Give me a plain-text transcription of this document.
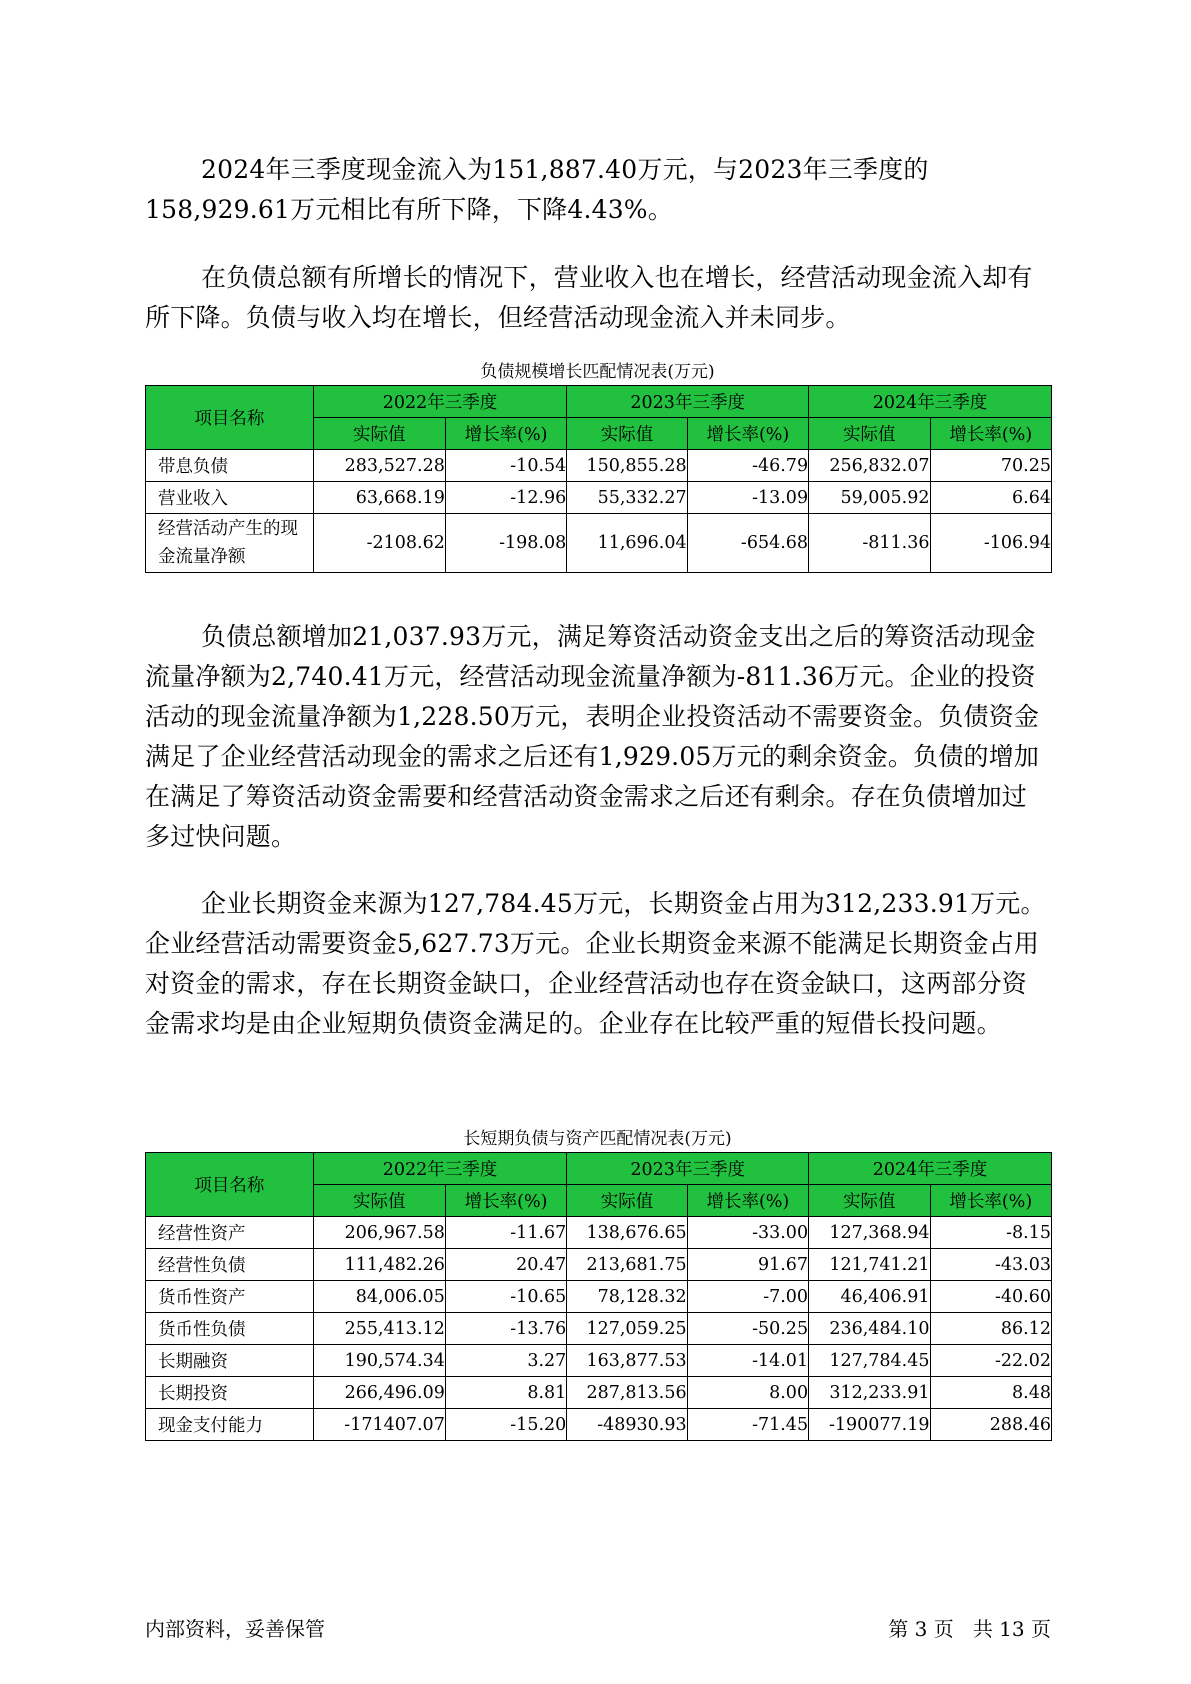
2024年三季度现金流入为151,887.40万元，与2023年三季度的158,929.61万元相比有所下降，下降4.43%。

在负债总额有所增长的情况下，营业收入也在增长，经营活动现金流入却有所下降。负债与收入均在增长，但经营活动现金流入并未同步。

负债规模增长匹配情况表(万元)
项目名称	2022年三季度		2023年三季度		2024年三季度	
	实际值	增长率(%)	实际值	增长率(%)	实际值	增长率(%)
带息负债	283,527.28	-10.54	150,855.28	-46.79	256,832.07	70.25
营业收入	63,668.19	-12.96	55,332.27	-13.09	59,005.92	6.64
经营活动产生的现金流量净额	-2108.62	-198.08	11,696.04	-654.68	-811.36	-106.94

负债总额增加21,037.93万元，满足筹资活动资金支出之后的筹资活动现金流量净额为2,740.41万元，经营活动现金流量净额为-811.36万元。企业的投资活动的现金流量净额为1,228.50万元，表明企业投资活动不需要资金。负债资金满足了企业经营活动现金的需求之后还有1,929.05万元的剩余资金。负债的增加在满足了筹资活动资金需要和经营活动资金需求之后还有剩余。存在负债增加过多过快问题。

企业长期资金来源为127,784.45万元，长期资金占用为312,233.91万元。企业经营活动需要资金5,627.73万元。企业长期资金来源不能满足长期资金占用对资金的需求，存在长期资金缺口，企业经营活动也存在资金缺口，这两部分资金需求均是由企业短期负债资金满足的。企业存在比较严重的短借长投问题。

长短期负债与资产匹配情况表(万元)
项目名称	2022年三季度		2023年三季度		2024年三季度	
	实际值	增长率(%)	实际值	增长率(%)	实际值	增长率(%)
经营性资产	206,967.58	-11.67	138,676.65	-33.00	127,368.94	-8.15
经营性负债	111,482.26	20.47	213,681.75	91.67	121,741.21	-43.03
货币性资产	84,006.05	-10.65	78,128.32	-7.00	46,406.91	-40.60
货币性负债	255,413.12	-13.76	127,059.25	-50.25	236,484.10	86.12
长期融资	190,574.34	3.27	163,877.53	-14.01	127,784.45	-22.02
长期投资	266,496.09	8.81	287,813.56	8.00	312,233.91	8.48
现金支付能力	-171407.07	-15.20	-48930.93	-71.45	-190077.19	288.46
内部资料，妥善保管	第 3 页   共 13 页
